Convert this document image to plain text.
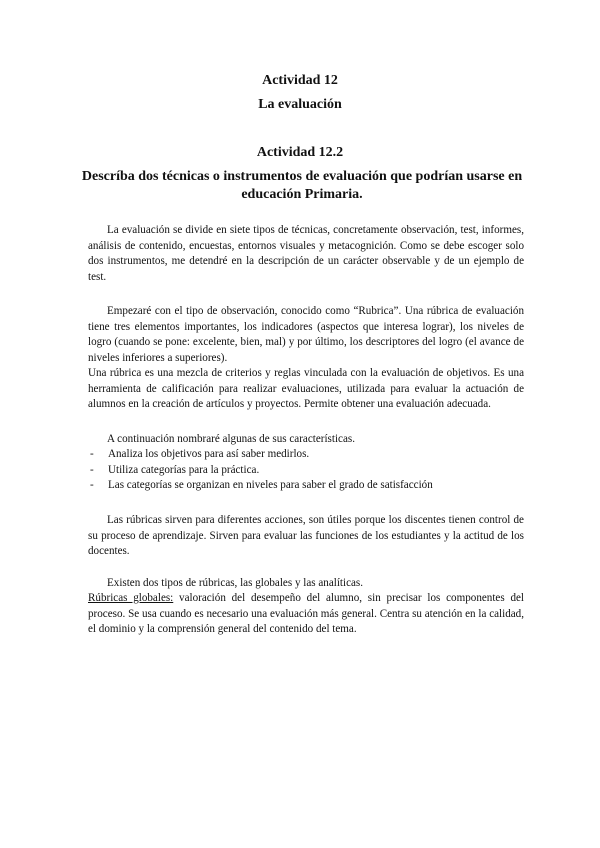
Actividad 12
La evaluación
Actividad 12.2
Descríba dos técnicas o instrumentos de evaluación que podrían usarse en educación Primaria.

La evaluación se divide en siete tipos de técnicas, concretamente observación, test, informes, análisis de contenido, encuestas, entornos visuales y metacognición. Como se debe escoger solo dos instrumentos, me detendré en la descripción de un carácter observable y de un ejemplo de test.

Empezaré con el tipo de observación, conocido como “Rubrica”. Una rúbrica de evaluación tiene tres elementos importantes, los indicadores (aspectos que interesa lograr), los niveles de logro (cuando se pone: excelente, bien, mal) y por último, los descriptores del logro (el avance de niveles inferiores a superiores).

Una rúbrica es una mezcla de criterios y reglas vinculada con la evaluación de objetivos. Es una herramienta de calificación para realizar evaluaciones, utilizada para evaluar la actuación de alumnos en la creación de artículos y proyectos. Permite obtener una evaluación adecuada.

A continuación nombraré algunas de sus características.

- Analiza los objetivos para así saber medirlos.
- Utiliza categorías para la práctica.
- Las categorías se organizan en niveles para saber el grado de satisfacción

Las rúbricas sirven para diferentes acciones, son útiles porque los discentes tienen control de su proceso de aprendizaje. Sirven para evaluar las funciones de los estudiantes y la actitud de los docentes.

Existen dos tipos de rúbricas, las globales y las analíticas.

Rúbricas globales: valoración del desempeño del alumno, sin precisar los componentes del proceso. Se usa cuando es necesario una evaluación más general. Centra su atención en la calidad, el dominio y la comprensión general del contenido del tema.
